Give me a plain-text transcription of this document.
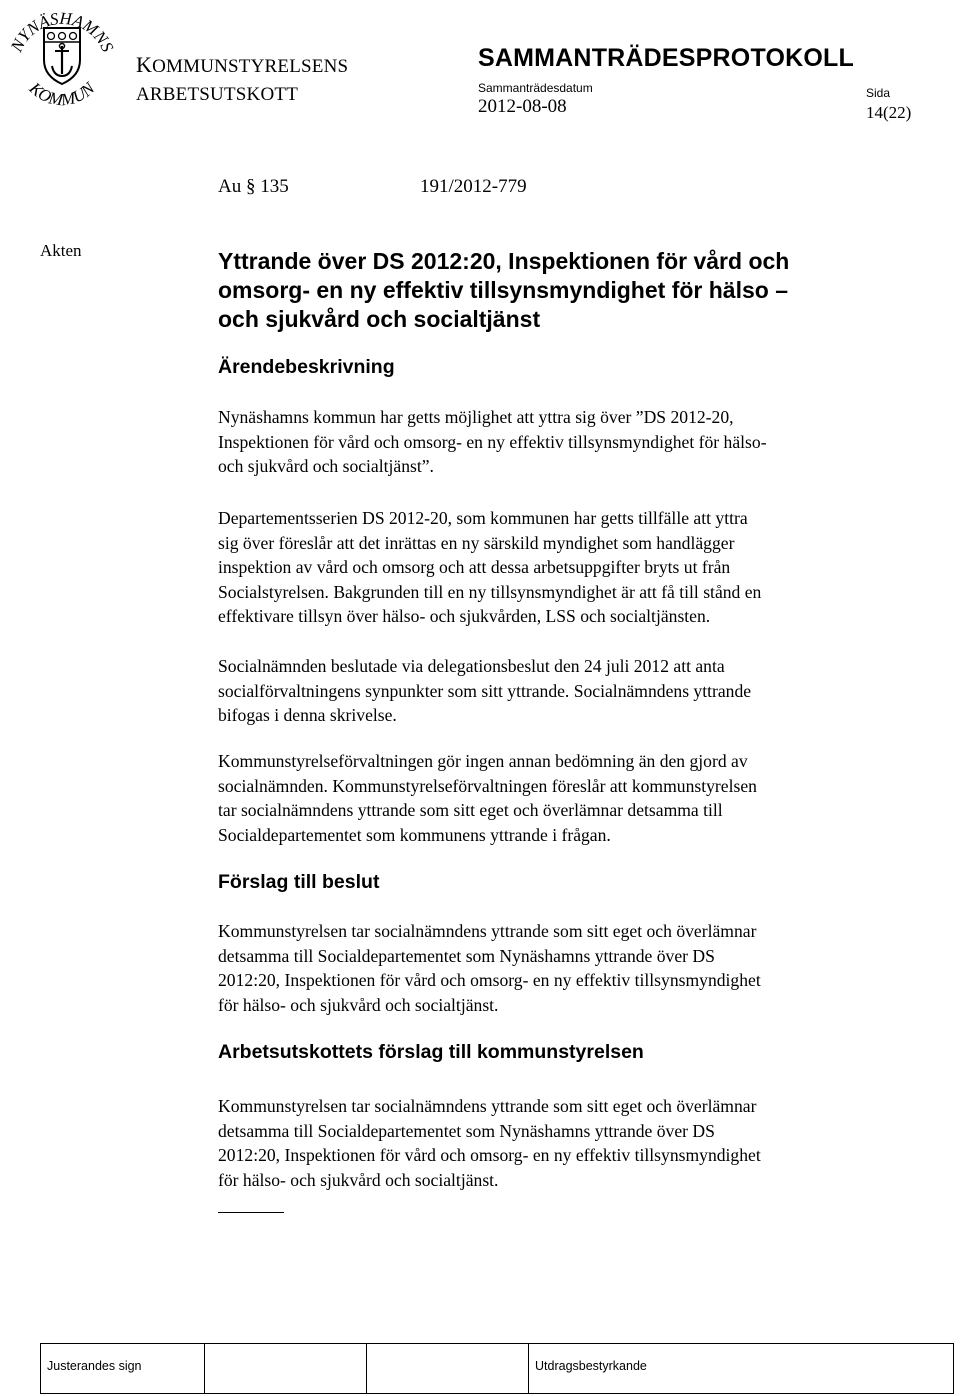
NYNÄSHAMNS
KOMMUN
KOMMUNSTYRELSENS
ARBETSUTSKOTT
SAMMANTRÄDESPROTOKOLL
Sammanträdesdatum
2012-08-08
Sida
14(22)
Au § 135	191/2012-779
Akten	Yttrande över DS 2012:20, Inspektionen för vård och
omsorg- en ny effektiv tillsynsmyndighet för hälso –
och sjukvård och socialtjänst
Ärendebeskrivning
Nynäshamns kommun har getts möjlighet att yttra sig över ”DS 2012-20,
Inspektionen för vård och omsorg- en ny effektiv tillsynsmyndighet för hälso-
och sjukvård och socialtjänst”.
Departementsserien DS 2012-20, som kommunen har getts tillfälle att yttra
sig över föreslår att det inrättas en ny särskild myndighet som handlägger
inspektion av vård och omsorg och att dessa arbetsuppgifter bryts ut från
Socialstyrelsen. Bakgrunden till en ny tillsynsmyndighet är att få till stånd en
effektivare tillsyn över hälso- och sjukvården, LSS och socialtjänsten.
Socialnämnden beslutade via delegationsbeslut den 24 juli 2012 att anta
socialförvaltningens synpunkter som sitt yttrande. Socialnämndens yttrande
bifogas i denna skrivelse.
Kommunstyrelseförvaltningen gör ingen annan bedömning än den gjord av
socialnämnden. Kommunstyrelseförvaltningen föreslår att kommunstyrelsen
tar socialnämndens yttrande som sitt eget och överlämnar detsamma till
Socialdepartementet som kommunens yttrande i frågan.
Förslag till beslut
Kommunstyrelsen tar socialnämndens yttrande som sitt eget och överlämnar
detsamma till Socialdepartementet som Nynäshamns yttrande över DS
2012:20, Inspektionen för vård och omsorg- en ny effektiv tillsynsmyndighet
för hälso- och sjukvård och socialtjänst.
Arbetsutskottets förslag till kommunstyrelsen
Kommunstyrelsen tar socialnämndens yttrande som sitt eget och överlämnar
detsamma till Socialdepartementet som Nynäshamns yttrande över DS
2012:20, Inspektionen för vård och omsorg- en ny effektiv tillsynsmyndighet
för hälso- och sjukvård och socialtjänst.
Justerandes sign	Utdragsbestyrkande
